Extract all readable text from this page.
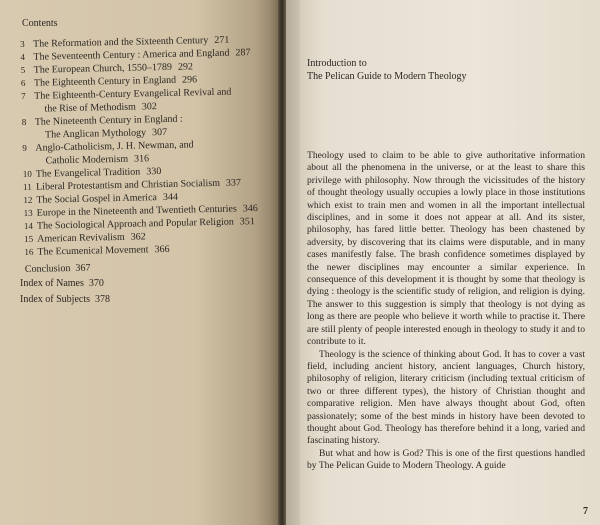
Contents
3 The Reformation and the Sixteenth Century 271
4 The Seventeenth Century : America and England 287
5 The European Church, 1550–1789 292
6 The Eighteenth Century in England 296
7 The Eighteenth-Century Evangelical Revival and
the Rise of Methodism 302
8 The Nineteenth Century in England :
The Anglican Mythology 307
9 Anglo-Catholicism, J. H. Newman, and
Catholic Modernism 316
10 The Evangelical Tradition 330
11 Liberal Protestantism and Christian Socialism 337
12 The Social Gospel in America 344
13 Europe in the Nineteenth and Twentieth Centuries 346
14 The Sociological Approach and Popular Religion 351
15 American Revivalism 362
16 The Ecumenical Movement 366
Conclusion 367
Index of Names 370
Index of Subjects 378
Introduction to
The Pelican Guide to Modern Theology

Theology used to claim to be able to give authoritative information about all the phenomena in the universe, or at the least to share this privilege with philosophy. Now through the vicissitudes of the history of thought theology usually occupies a lowly place in those institutions which exist to train men and women in all the important intellectual disciplines, and in some it does not appear at all. And its sister, philosophy, has fared little better. Theology has been chastened by adversity, by discovering that its claims were disputable, and in many cases manifestly false. The brash confidence sometimes displayed by the newer disciplines may encounter a similar experience. In consequence of this development it is thought by some that theology is dying : theology is the scientific study of religion, and religion is dying. The answer to this suggestion is simply that theology is not dying as long as there are people who believe it worth while to practise it. There are still plenty of people interested enough in theology to study it and to contribute to it.

Theology is the science of thinking about God. It has to cover a vast field, including ancient history, ancient languages, Church history, philosophy of religion, literary criticism (including textual criticism of two or three different types), the history of Christian thought and comparative religion. Men have always thought about God, often passionately; some of the best minds in history have been devoted to thought about God. Theology has therefore behind it a long, varied and fascinating history.

But what and how is God? This is one of the first questions handled by The Pelican Guide to Modern Theology. A guide

7
